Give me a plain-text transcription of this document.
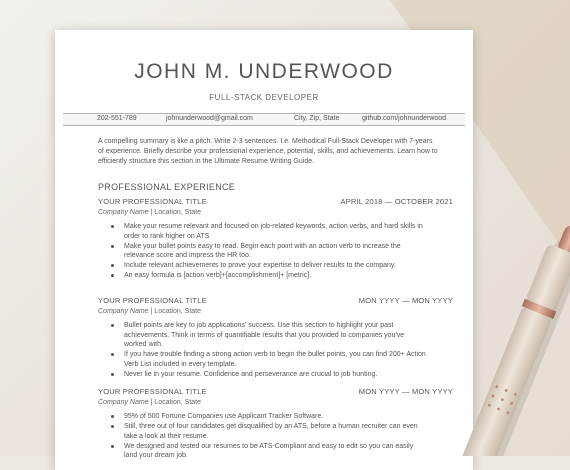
JOHN M. UNDERWOOD
FULL-STACK DEVELOPER
202-551-789	johnunderwood@gmail.com	City, Zip, State	github.com/johnunderwood
A compelling summary is like a pitch. Write 2-3 sentences. I.e. Methodical Full-Stack Developer with 7-years of experience. Briefly describe your professional experience, potential, skills, and achievements. Learn how to efficiently structure this section in the Ultimate Resume Writing Guide.
PROFESSIONAL EXPERIENCE
YOUR PROFESSIONAL TITLE	APRIL 2018 — OCTOBER 2021
Company Name | Location, State
Make your resume relevant and focused on job-related keywords, action verbs, and hard skills in order to rank higher on ATS
Make your bullet points easy to read. Begin each point with an action verb to increase the relevance score and impress the HR too.
Include relevant achievements to prove your expertise to deliver results to the company.
An easy formula is [action verb]+[accomplishment]+ [metric].
YOUR PROFESSIONAL TITLE	MON YYYY — MON YYYY
Company Name | Location, State
Bullet points are key to job applications' success. Use this section to highlight your past achievements. Think in terms of quantifiable results that you provided to companies you've worked with.
If you have trouble finding a strong action verb to begin the bullet points, you can find 200+ Action Verb List included in every template.
Never lie in your resume. Confidence and perseverance are crucial to job hunting.
YOUR PROFESSIONAL TITLE	MON YYYY — MON YYYY
Company Name | Location, State
95% of 500 Fortune Companies use Applicant Tracker Software.
Still, three out of four candidates get disqualified by an ATS, before a human recruiter can even take a look at their resume.
We designed and tested our resumes to be ATS-Compliant and easy to edit so you can easily land your dream job.
